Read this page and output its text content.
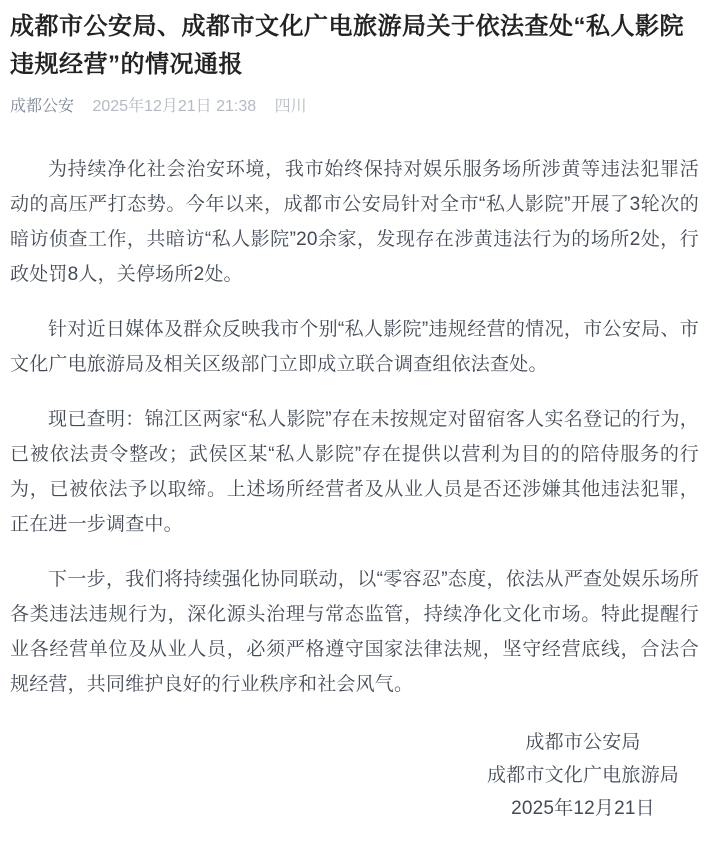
成都市公安局、成都市文化广电旅游局关于依法查处“私人影院违规经营”的情况通报
成都公安 2025年12月21日 21:38 四川

为持续净化社会治安环境，我市始终保持对娱乐服务场所涉黄等违法犯罪活动的高压严打态势。今年以来，成都市公安局针对全市“私人影院”开展了3轮次的暗访侦查工作，共暗访“私人影院”20余家，发现存在涉黄违法行为的场所2处，行政处罚8人，关停场所2处。

针对近日媒体及群众反映我市个别“私人影院”违规经营的情况，市公安局、市文化广电旅游局及相关区级部门立即成立联合调查组依法查处。

现已查明：锦江区两家“私人影院”存在未按规定对留宿客人实名登记的行为，已被依法责令整改；武侯区某“私人影院”存在提供以营利为目的的陪侍服务的行为，已被依法予以取缔。上述场所经营者及从业人员是否还涉嫌其他违法犯罪，正在进一步调查中。

下一步，我们将持续强化协同联动，以“零容忍”态度，依法从严查处娱乐场所各类违法违规行为，深化源头治理与常态监管，持续净化文化市场。特此提醒行业各经营单位及从业人员，必须严格遵守国家法律法规，坚守经营底线，合法合规经营，共同维护良好的行业秩序和社会风气。

成都市公安局

成都市文化广电旅游局

2025年12月21日
